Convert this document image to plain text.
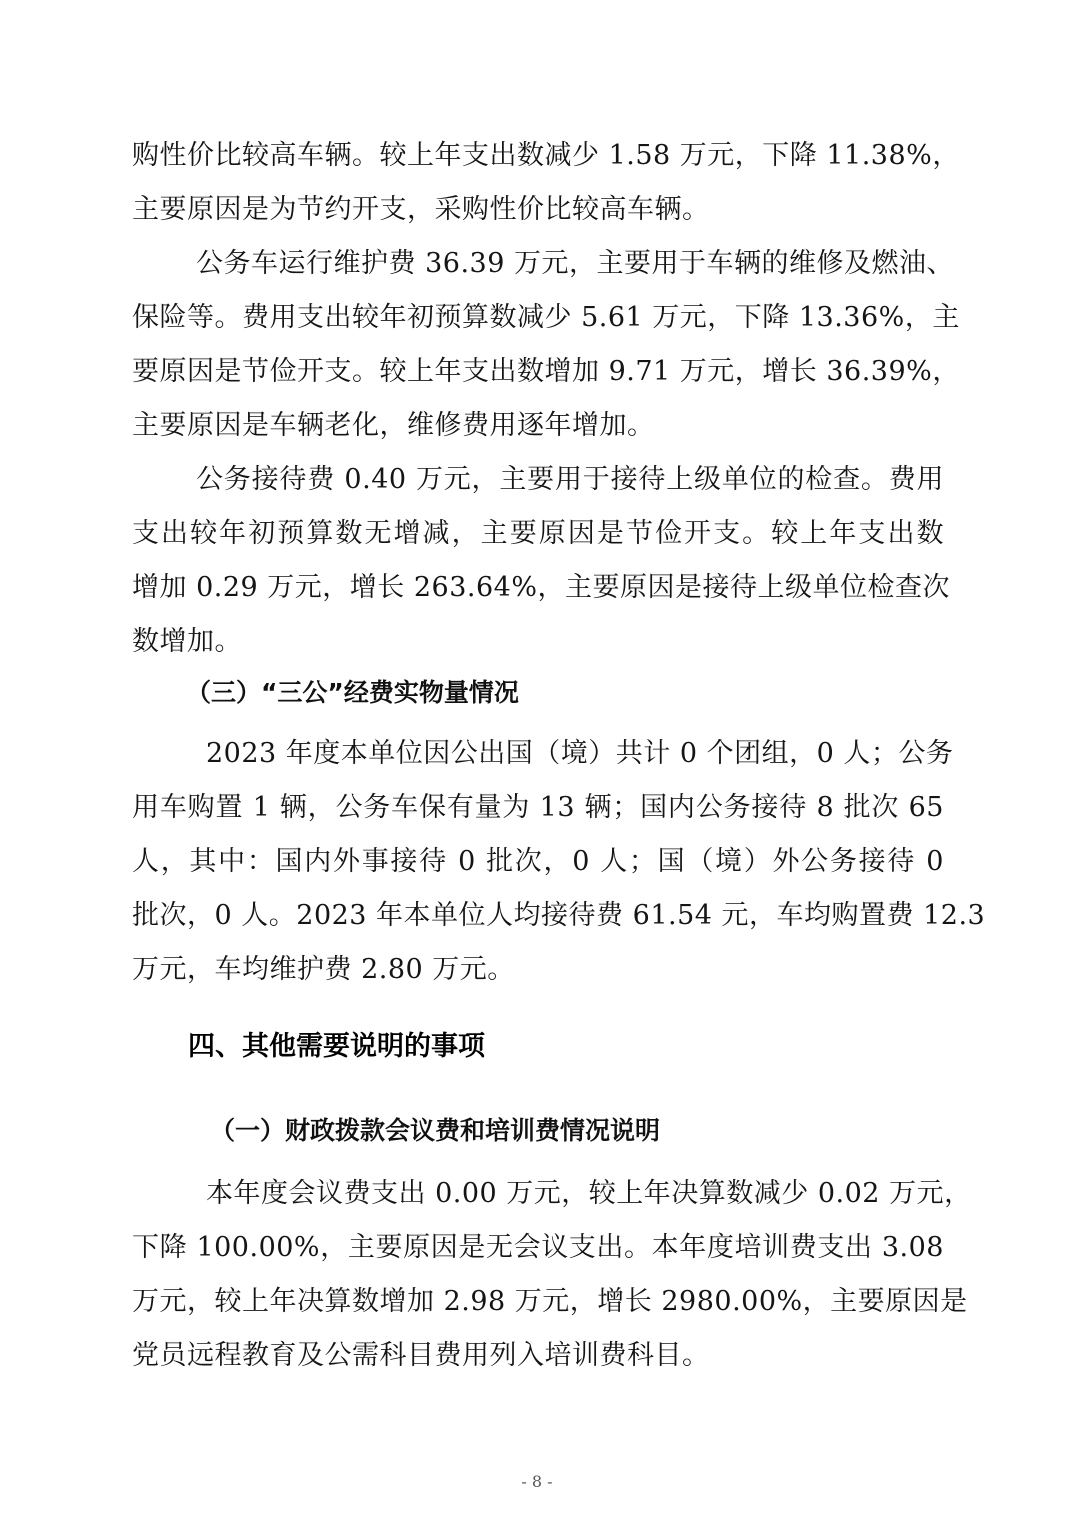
购性价比较高车辆。较上年支出数减少 1.58 万元，下降 11.38%，
主要原因是为节约开支，采购性价比较高车辆。
公务车运行维护费 36.39 万元，主要用于车辆的维修及燃油、
保险等。费用支出较年初预算数减少 5.61 万元，下降 13.36%，主
要原因是节俭开支。较上年支出数增加 9.71 万元，增长 36.39%，
主要原因是车辆老化，维修费用逐年增加。
公务接待费 0.40 万元，主要用于接待上级单位的检查。费用
支出较年初预算数无增减，主要原因是节俭开支。较上年支出数
增加 0.29 万元，增长 263.64%，主要原因是接待上级单位检查次
数增加。
（三）“三公”经费实物量情况
2023 年度本单位因公出国（境）共计 0 个团组，0 人；公务
用车购置 1 辆，公务车保有量为 13 辆；国内公务接待 8 批次 65
人，其中：国内外事接待 0 批次，0 人；国（境）外公务接待 0
批次，0 人。2023 年本单位人均接待费 61.54 元，车均购置费 12.3
万元，车均维护费 2.80 万元。
四、其他需要说明的事项
（一）财政拨款会议费和培训费情况说明
本年度会议费支出 0.00 万元，较上年决算数减少 0.02 万元，
下降 100.00%，主要原因是无会议支出。本年度培训费支出 3.08
万元，较上年决算数增加 2.98 万元，增长 2980.00%，主要原因是
党员远程教育及公需科目费用列入培训费科目。
- 8 -
